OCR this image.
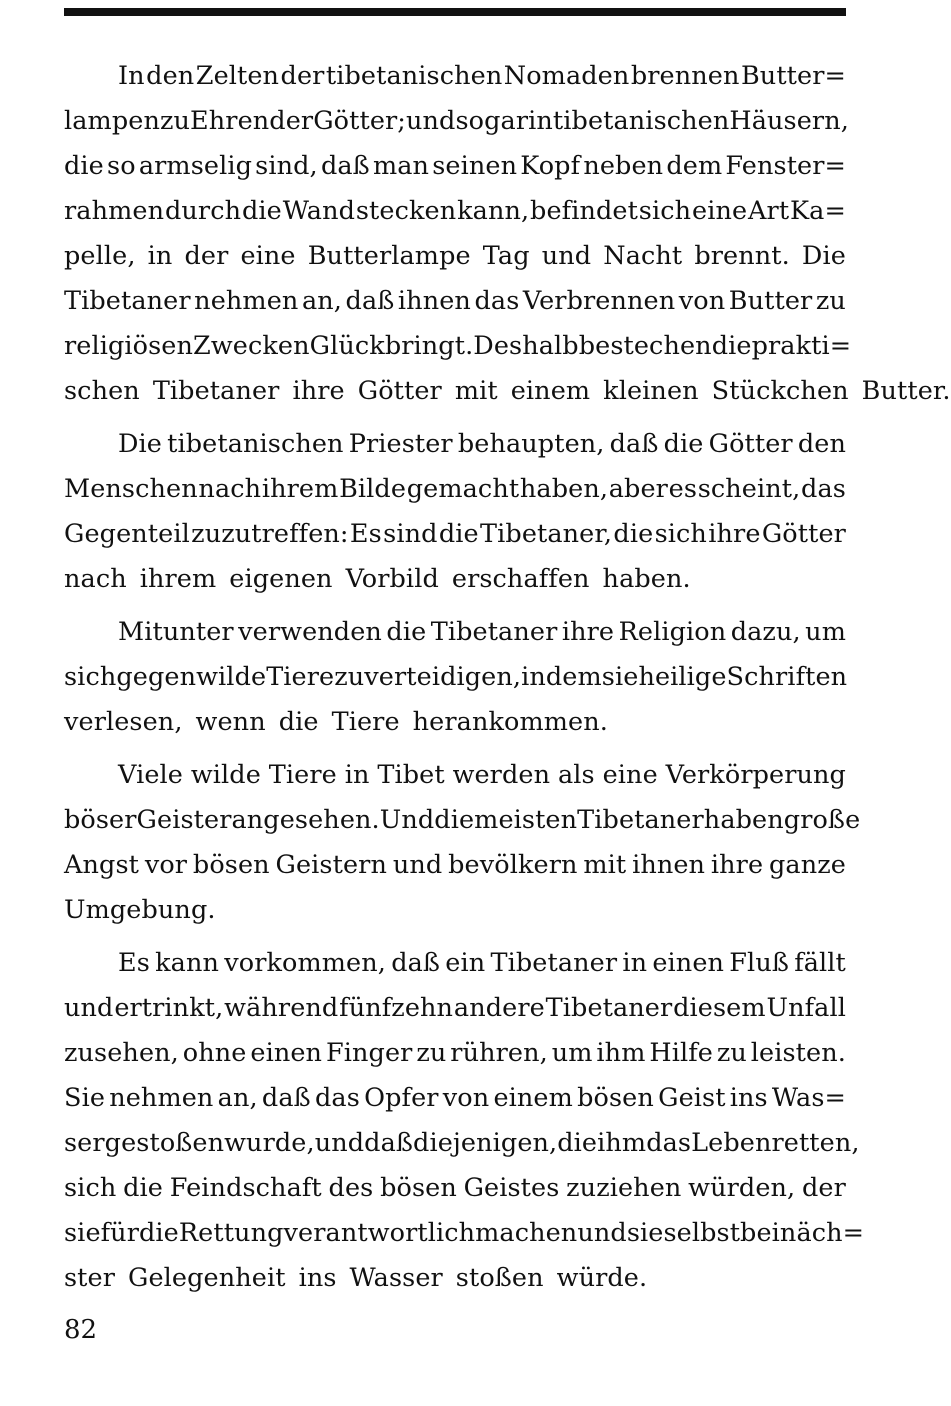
In den Zelten der tibetanischen Nomaden brennen Butter=
lampen zu Ehren der Götter; und sogar in tibetanischen Häusern,
die so armselig sind, daß man seinen Kopf neben dem Fenster=
rahmen durch die Wand stecken kann, befindet sich eine Art Ka=
pelle, in der eine Butterlampe Tag und Nacht brennt. Die
Tibetaner nehmen an, daß ihnen das Verbrennen von Butter zu
religiösen Zwecken Glück bringt. Deshalb bestechen die prakti=
schen Tibetaner ihre Götter mit einem kleinen Stückchen Butter.
Die tibetanischen Priester behaupten, daß die Götter den
Menschen nach ihrem Bilde gemacht haben, aber es scheint, das
Gegenteil zuzutreffen: Es sind die Tibetaner, die sich ihre Götter
nach ihrem eigenen Vorbild erschaffen haben.
Mitunter verwenden die Tibetaner ihre Religion dazu, um
sich gegen wilde Tiere zu verteidigen, indem sie heilige Schriften
verlesen, wenn die Tiere herankommen.
Viele wilde Tiere in Tibet werden als eine Verkörperung
böser Geister angesehen. Und die meisten Tibetaner haben große
Angst vor bösen Geistern und bevölkern mit ihnen ihre ganze
Umgebung.
Es kann vorkommen, daß ein Tibetaner in einen Fluß fällt
und ertrinkt, während fünfzehn andere Tibetaner diesem Unfall
zusehen, ohne einen Finger zu rühren, um ihm Hilfe zu leisten.
Sie nehmen an, daß das Opfer von einem bösen Geist ins Was=
ser gestoßen wurde, und daß diejenigen, die ihm das Leben retten,
sich die Feindschaft des bösen Geistes zuziehen würden, der
sie für die Rettung verantwortlich machen und sie selbst bei näch=
ster Gelegenheit ins Wasser stoßen würde.
82
